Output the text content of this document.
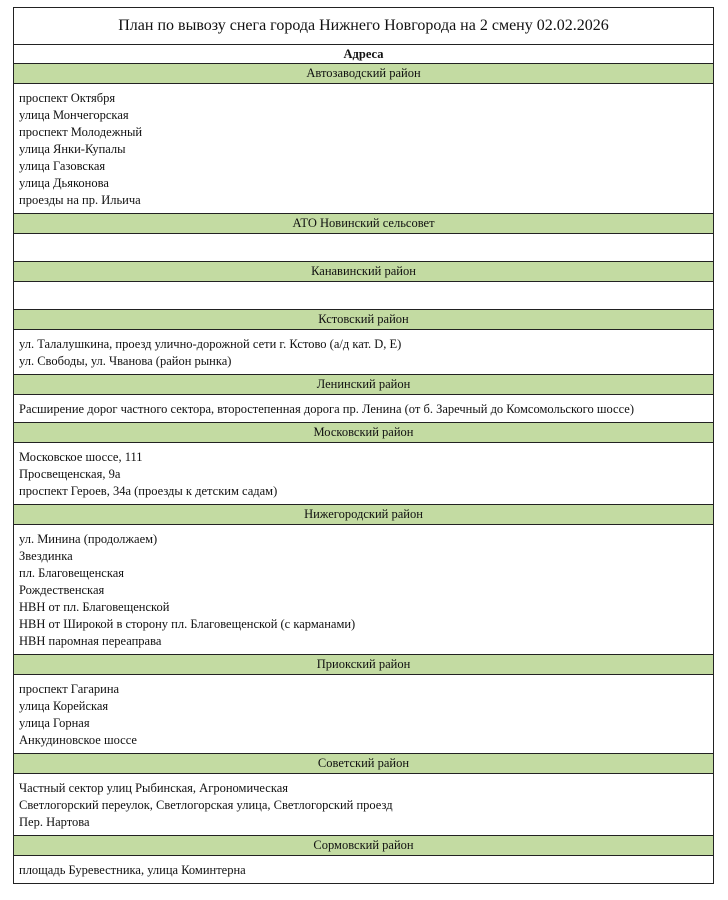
План по вывозу снега города Нижнего Новгорода на 2 смену 02.02.2026
Адреса
Автозаводский район
проспект Октября
улица Мончегорская
проспект Молодежный
улица Янки-Купалы
улица Газовская
улица Дьяконова
проезды на пр. Ильича
АТО Новинский сельсовет
Канавинский район
Кстовский район
ул. Талалушкина, проезд улично-дорожной сети г. Кстово (а/д кат. D, E)
ул. Свободы, ул. Чванова (район рынка)
Ленинский район
Расширение дорог частного сектора, второстепенная дорога пр. Ленина (от б. Заречный до Комсомольского шоссе)
Московский район
Московское шоссе, 111
Просвещенская, 9а
проспект Героев, 34а (проезды к детским садам)
Нижегородский район
ул. Минина (продолжаем)
Звездинка
пл. Благовещенская
Рождественская
НВН от пл. Благовещенской
НВН от Широкой в сторону пл. Благовещенской (с карманами)
НВН паромная переаправа
Приокский район
проспект Гагарина
улица Корейская
улица Горная
Анкудиновское шоссе
Советский район
Частный сектор улиц Рыбинская, Агрономическая
Светлогорский переулок, Светлогорская улица, Светлогорский проезд
Пер. Нартова
Сормовский район
площадь Буревестника, улица Коминтерна
